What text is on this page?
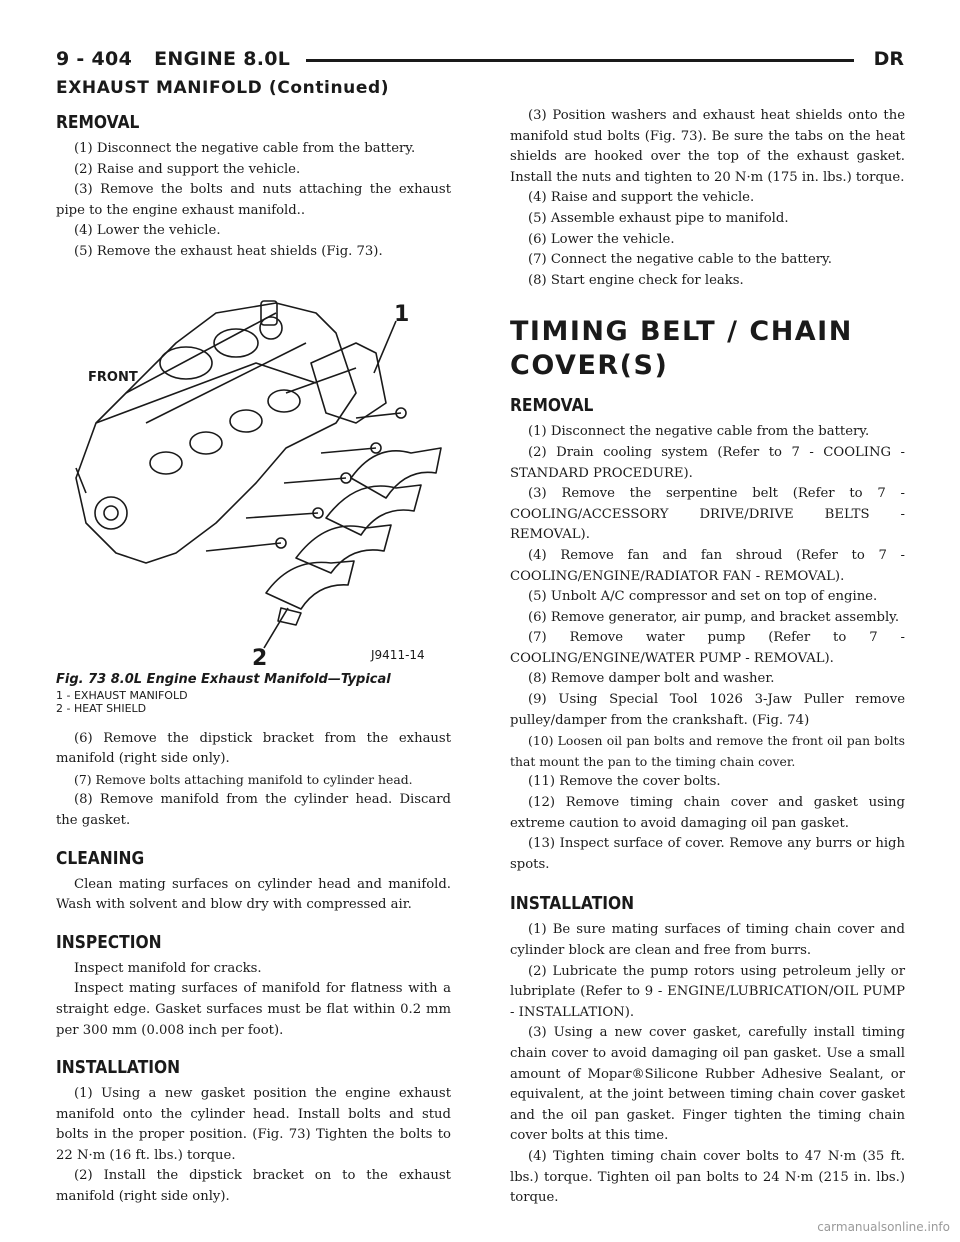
9 - 404 ENGINE 8.0L	DR
EXHAUST MANIFOLD (Continued)
REMOVAL

(1) Disconnect the negative cable from the battery.

(2) Raise and support the vehicle.

(3) Remove the bolts and nuts attaching the exhaust pipe to the engine exhaust manifold..

(4) Lower the vehicle.

(5) Remove the exhaust heat shields (Fig. 73).

1
2
FRONT
J9411-14
Fig. 73 8.0L Engine Exhaust Manifold—Typical
1 - EXHAUST MANIFOLD
2 - HEAT SHIELD

(6) Remove the dipstick bracket from the exhaust manifold (right side only).

(7) Remove bolts attaching manifold to cylinder head.

(8) Remove manifold from the cylinder head. Discard the gasket.

CLEANING

Clean mating surfaces on cylinder head and manifold. Wash with solvent and blow dry with compressed air.

INSPECTION

Inspect manifold for cracks.

Inspect mating surfaces of manifold for flatness with a straight edge. Gasket surfaces must be flat within 0.2 mm per 300 mm (0.008 inch per foot).

INSTALLATION

(1) Using a new gasket position the engine exhaust manifold onto the cylinder head. Install bolts and stud bolts in the proper position. (Fig. 73) Tighten the bolts to 22 N·m (16 ft. lbs.) torque.

(2) Install the dipstick bracket on to the exhaust manifold (right side only).

(3) Position washers and exhaust heat shields onto the manifold stud bolts (Fig. 73). Be sure the tabs on the heat shields are hooked over the top of the exhaust gasket. Install the nuts and tighten to 20 N·m (175 in. lbs.) torque.

(4) Raise and support the vehicle.

(5) Assemble exhaust pipe to manifold.

(6) Lower the vehicle.

(7) Connect the negative cable to the battery.

(8) Start engine check for leaks.

TIMING BELT / CHAIN COVER(S)
REMOVAL

(1) Disconnect the negative cable from the battery.

(2) Drain cooling system (Refer to 7 - COOLING - STANDARD PROCEDURE).

(3) Remove the serpentine belt (Refer to 7 - COOLING/ACCESSORY DRIVE/DRIVE BELTS - REMOVAL).

(4) Remove fan and fan shroud (Refer to 7 - COOLING/ENGINE/RADIATOR FAN - REMOVAL).

(5) Unbolt A/C compressor and set on top of engine.

(6) Remove generator, air pump, and bracket assembly.

(7) Remove water pump (Refer to 7 - COOLING/ENGINE/WATER PUMP - REMOVAL).

(8) Remove damper bolt and washer.

(9) Using Special Tool 1026 3-Jaw Puller remove pulley/damper from the crankshaft. (Fig. 74)

(10) Loosen oil pan bolts and remove the front oil pan bolts that mount the pan to the timing chain cover.

(11) Remove the cover bolts.

(12) Remove timing chain cover and gasket using extreme caution to avoid damaging oil pan gasket.

(13) Inspect surface of cover. Remove any burrs or high spots.

INSTALLATION

(1) Be sure mating surfaces of timing chain cover and cylinder block are clean and free from burrs.

(2) Lubricate the pump rotors using petroleum jelly or lubriplate (Refer to 9 - ENGINE/LUBRICATION/OIL PUMP - INSTALLATION).

(3) Using a new cover gasket, carefully install timing chain cover to avoid damaging oil pan gasket. Use a small amount of Mopar®Silicone Rubber Adhesive Sealant, or equivalent, at the joint between timing chain cover gasket and the oil pan gasket. Finger tighten the timing chain cover bolts at this time.

(4) Tighten timing chain cover bolts to 47 N·m (35 ft. lbs.) torque. Tighten oil pan bolts to 24 N·m (215 in. lbs.) torque.

carmanualsonline.info
